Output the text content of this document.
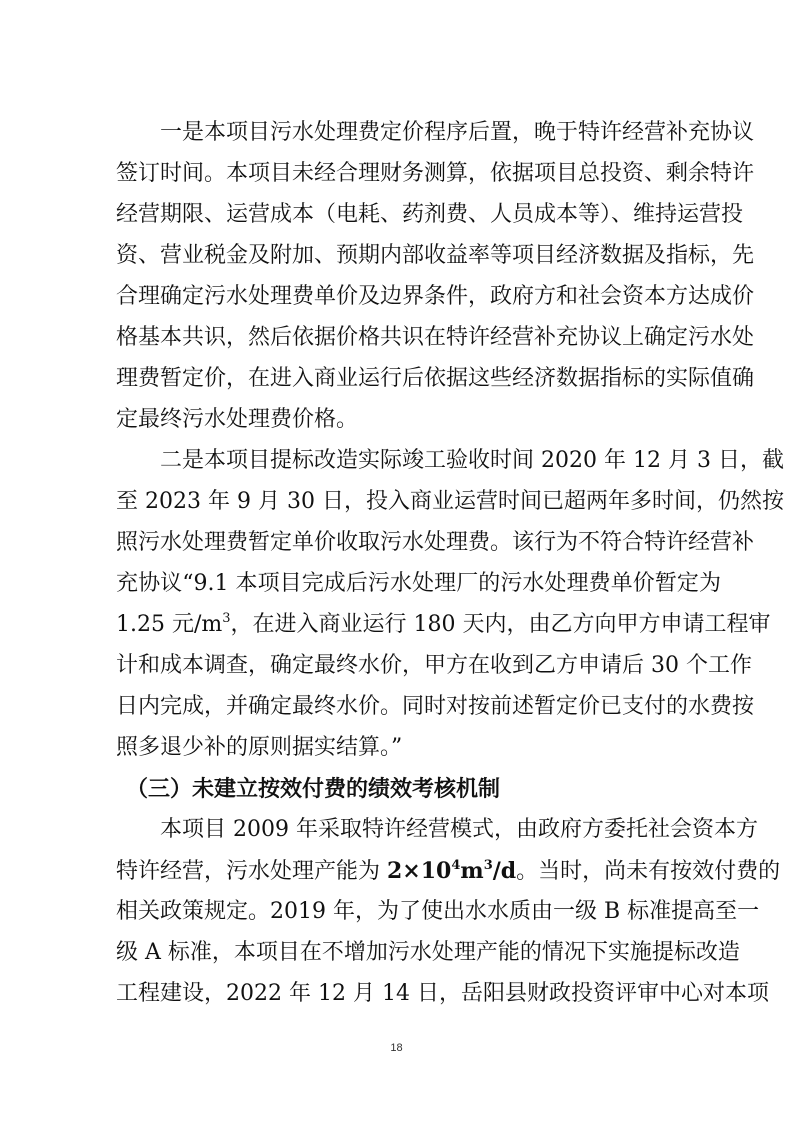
一是本项目污水处理费定价程序后置，晚于特许经营补充协议
签订时间。本项目未经合理财务测算，依据项目总投资、剩余特许
经营期限、运营成本（电耗、药剂费、人员成本等）、维持运营投
资、营业税金及附加、预期内部收益率等项目经济数据及指标，先
合理确定污水处理费单价及边界条件，政府方和社会资本方达成价
格基本共识，然后依据价格共识在特许经营补充协议上确定污水处
理费暂定价，在进入商业运行后依据这些经济数据指标的实际值确
定最终污水处理费价格。
二是本项目提标改造实际竣工验收时间 2020 年 12 月 3 日，截
至 2023 年 9 月 30 日，投入商业运营时间已超两年多时间，仍然按
照污水处理费暂定单价收取污水处理费。该行为不符合特许经营补
充协议“9.1 本项目完成后污水处理厂的污水处理费单价暂定为
1.25 元$/m^3$，在进入商业运行 180 天内，由乙方向甲方申请工程审
计和成本调查，确定最终水价，甲方在收到乙方申请后 30 个工作
日内完成，并确定最终水价。同时对按前述暂定价已支付的水费按
照多退少补的原则据实结算。”
（三）未建立按效付费的绩效考核机制
本项目 2009 年采取特许经营模式，由政府方委托社会资本方
特许经营，污水处理产能为 $2\times 10^4m^3/d$。当时，尚未有按效付费的
相关政策规定。2019 年，为了使出水水质由一级 B 标准提高至一
级 A 标准，本项目在不增加污水处理产能的情况下实施提标改造
工程建设，2022 年 12 月 14 日，岳阳县财政投资评审中心对本项
18
